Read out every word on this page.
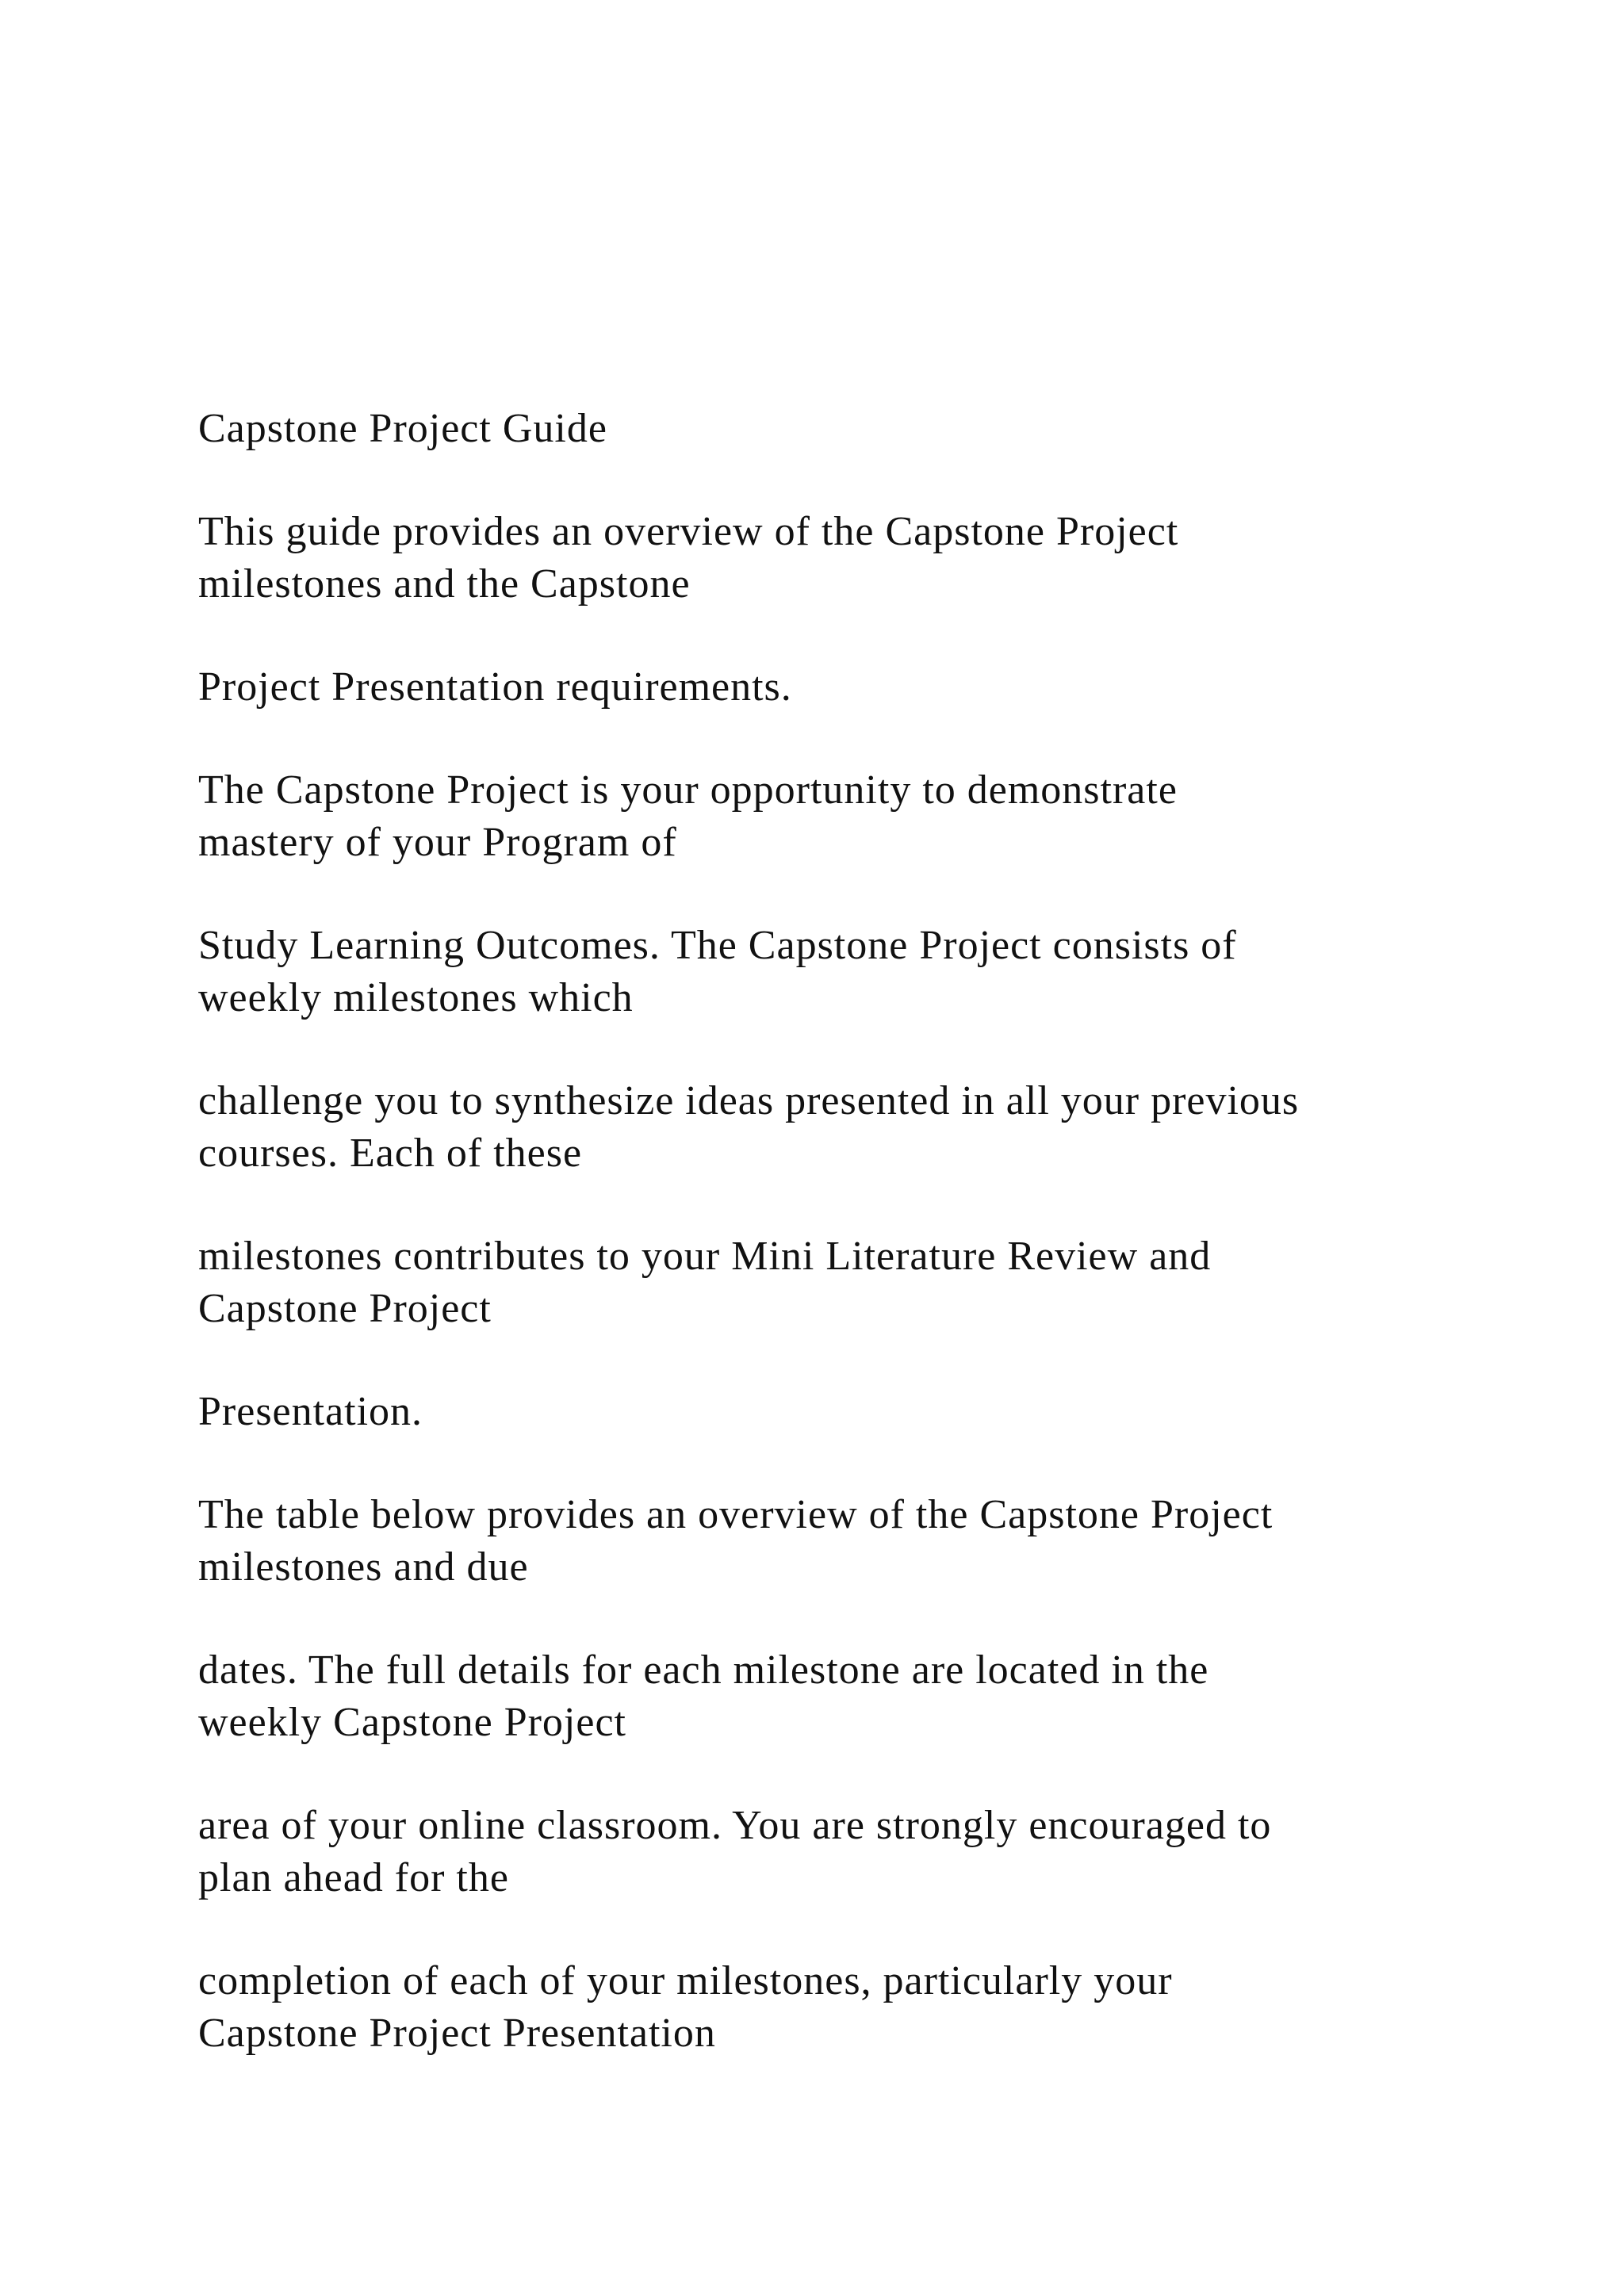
Capstone Project Guide
This guide provides an overview of the Capstone Project
milestones and the Capstone
Project Presentation requirements.
The Capstone Project is your opportunity to demonstrate
mastery of your Program of
Study Learning Outcomes. The Capstone Project consists of
weekly milestones which
challenge you to synthesize ideas presented in all your previous
courses. Each of these
milestones contributes to your Mini Literature Review and
Capstone Project
Presentation.
The table below provides an overview of the Capstone Project
milestones and due
dates. The full details for each milestone are located in the
weekly Capstone Project
area of your online classroom. You are strongly encouraged to
plan ahead for the
completion of each of your milestones, particularly your
Capstone Project Presentation
